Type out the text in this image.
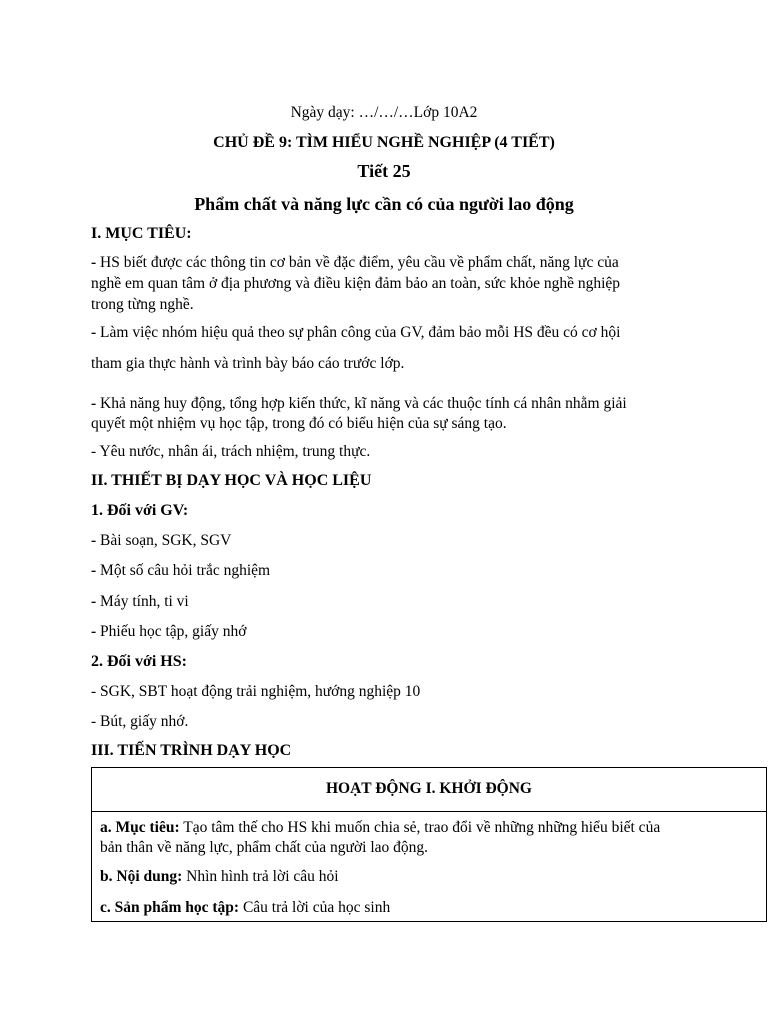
Ngày dạy: …/…/…Lớp 10A2
CHỦ ĐỀ 9: TÌM HIỂU NGHỀ NGHIỆP (4 TIẾT)
Tiết 25
Phẩm chất và năng lực cần có của người lao động
I. MỤC TIÊU:
- HS biết được các thông tin cơ bản về đặc điểm, yêu cầu về phẩm chất, năng lực của
nghề em quan tâm ở địa phương và điều kiện đảm bảo an toàn, sức khỏe nghề nghiệp
trong từng nghề.
- Làm việc nhóm hiệu quả theo sự phân công của GV, đảm bảo mỗi HS đều có cơ hội
tham gia thực hành và trình bày báo cáo trước lớp.
- Khả năng huy động, tổng hợp kiến thức, kĩ năng và các thuộc tính cá nhân nhằm giải
quyết một nhiệm vụ học tập, trong đó có biểu hiện của sự sáng tạo.
- Yêu nước, nhân ái, trách nhiệm, trung thực.
II. THIẾT BỊ DẠY HỌC VÀ HỌC LIỆU
1. Đối với GV:
- Bài soạn, SGK, SGV
- Một số câu hỏi trắc nghiệm
- Máy tính, ti vi
- Phiếu học tập, giấy nhớ
2. Đối với HS:
- SGK, SBT hoạt động trải nghiệm, hướng nghiệp 10
- Bút, giấy nhớ.
III. TIẾN TRÌNH DẠY HỌC
HOẠT ĐỘNG I. KHỞI ĐỘNG
a. Mục tiêu: Tạo tâm thế cho HS khi muốn chia sẻ, trao đổi về những những hiểu biết của
bản thân về năng lực, phẩm chất của người lao động.
b. Nội dung: Nhìn hình trả lời câu hỏi
c. Sản phẩm học tập: Câu trả lời của học sinh
